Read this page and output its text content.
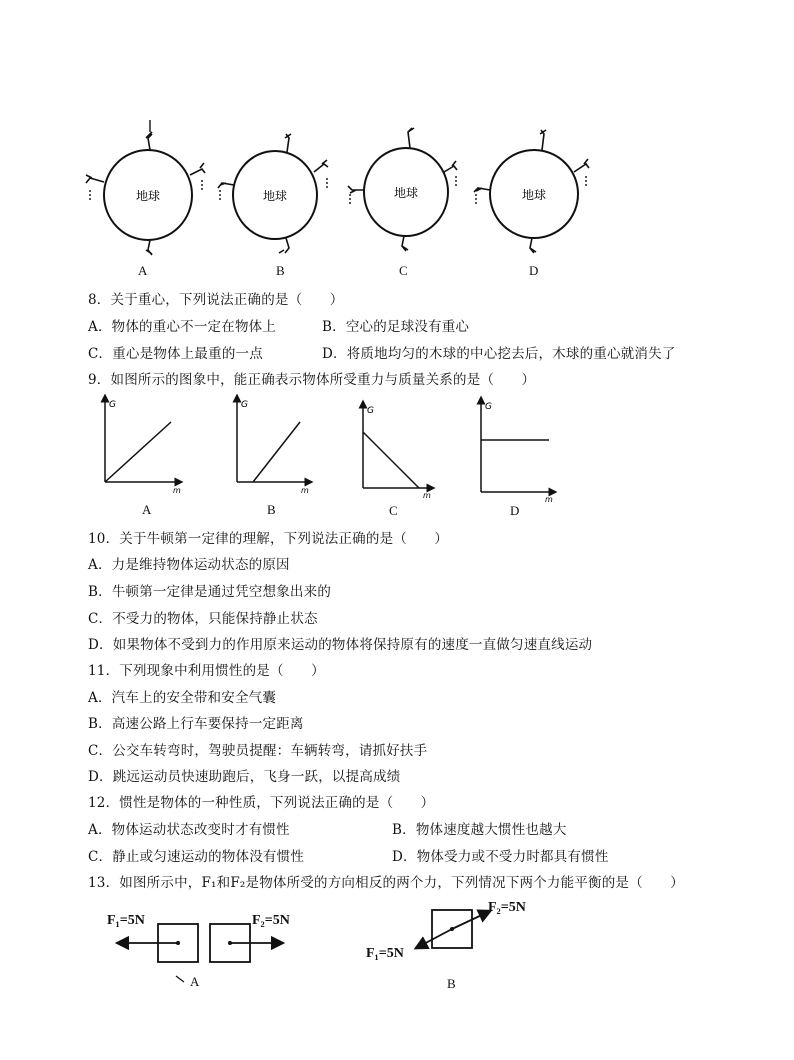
地球	地球	地球	地球
A	B	C	D
8．关于重心，下列说法正确的是（　　）
A．物体的重心不一定在物体上	B．空心的足球没有重心
C．重心是物体上最重的一点	D．将质地均匀的木球的中心挖去后，木球的重心就消失了
9．如图所示的图象中，能正确表示物体所受重力与质量关系的是（　　）
G
m
G
m
G
m
G
m
A	B	C	D
10．关于牛顿第一定律的理解，下列说法正确的是（　　）
A．力是维持物体运动状态的原因
B．牛顿第一定律是通过凭空想象出来的
C．不受力的物体，只能保持静止状态
D．如果物体不受到力的作用原来运动的物体将保持原有的速度一直做匀速直线运动
11．下列现象中利用惯性的是（　　）
A．汽车上的安全带和安全气囊
B．高速公路上行车要保持一定距离
C．公交车转弯时，驾驶员提醒：车辆转弯，请抓好扶手
D．跳远运动员快速助跑后，飞身一跃，以提高成绩
12．惯性是物体的一种性质，下列说法正确的是（　　）
A．物体运动状态改变时才有惯性	B．物体速度越大惯性也越大
C．静止或匀速运动的物体没有惯性	D．物体受力或不受力时都具有惯性
13．如图所示中，F₁和F₂是物体所受的方向相反的两个力，下列情况下两个力能平衡的是（　　）
F₁=5N	F₂=5N
A
F₂=5N
F₁=5N
B
